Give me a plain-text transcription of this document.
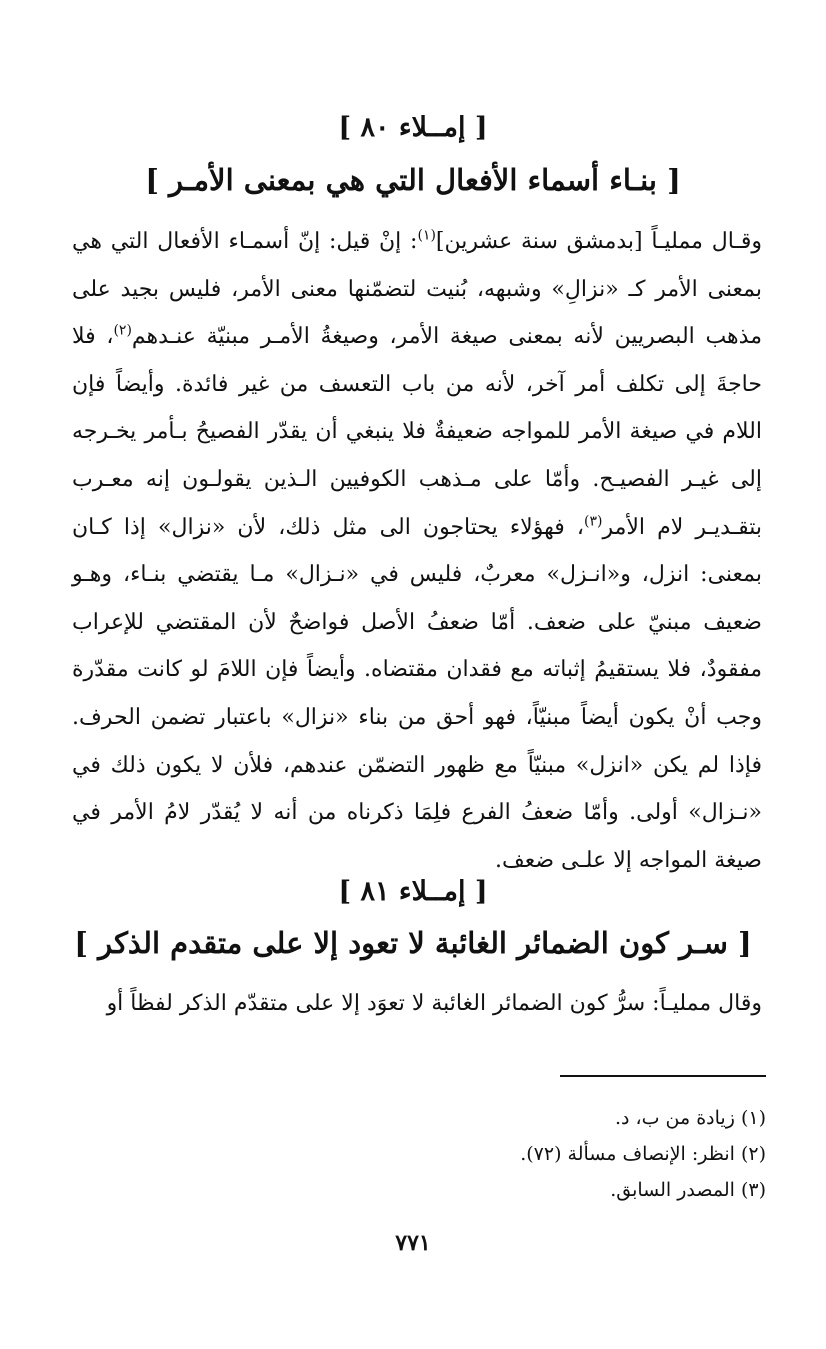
[ إمــلاء ٨٠ ]
[ بنـاء أسماء الأفعال التي هي بمعنى الأمـر ]

وقـال ممليـاً [بدمشق سنة عشرين]$^{(١)}$: إنْ قيل: إنّ أسمـاء الأفعال التي هي بمعنى الأمر كـ «نزالِ» وشبهه، بُنيت لتضمّنها معنى الأمر، فليس بجيد على مذهب البصريين لأنه بمعنى صيغة الأمر، وصيغةُ الأمـر مبنيّة عنـدهم$^{(٢)}$، فلا حاجةَ إلى تكلف أمر آخر، لأنه من باب التعسف من غير فائدة. وأيضاً فإن اللام في صيغة الأمر للمواجه ضعيفةٌ فلا ينبغي أن يقدّر الفصيحُ بـأمر يخـرجه إلى غيـر الفصيـح. وأمّا على مـذهب الكوفيين الـذين يقولـون إنه معـرب بتقـديـر لام الأمر$^{(٣)}$، فهؤلاء يحتاجون الى مثل ذلك، لأن «نزال» إذا كـان بمعنى: انزل، و«انـزل» معربٌ، فليس في «نـزال» مـا يقتضي بنـاء، وهـو ضعيف مبنيّ على ضعف. أمّا ضعفُ الأصل فواضحٌ لأن المقتضي للإعراب مفقودٌ، فلا يستقيمُ إثباته مع فقدان مقتضاه. وأيضاً فإن اللامَ لو كانت مقدّرة وجب أنْ يكون أيضاً مبنيّاً، فهو أحق من بناء «نزال» باعتبار تضمن الحرف. فإذا لم يكن «انزل» مبنيّاً مع ظهور التضمّن عندهم، فلأن لا يكون ذلك في «نـزال» أولى. وأمّا ضعفُ الفرع فلِمَا ذكرناه من أنه لا يُقدّر لامُ الأمر في صيغة المواجه إلا علـى ضعف.

[ إمــلاء ٨١ ]
[ سـر كون الضمائر الغائبة لا تعود إلا على متقدم الذكر ]

وقال ممليـاً: سرُّ كون الضمائر الغائبة لا تعوَد إلا على متقدّم الذكر لفظاً أو

(١) زيادة من ب، د.
(٢) انظر: الإنصاف مسألة (٧٢).
(٣) المصدر السابق.
٧٧١
